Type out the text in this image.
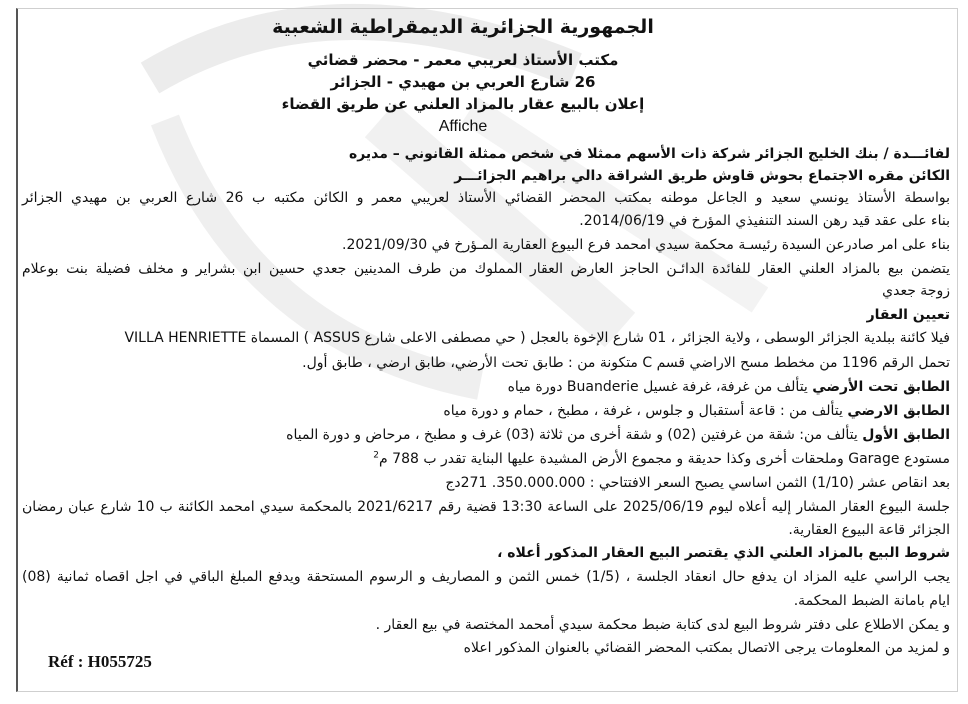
الجمهورية الجزائرية الديمقراطية الشعبية
مكتب الأستاذ لعريبي معمر - محضر قضائي
26 شارع العربي بن مهيدي - الجزائر
إعلان بالبيع عقار بالمزاد العلني عن طريق القضاء
Affiche
لفائـــدة / بنك الخليج الجزائر شركة ذات الأسهم ممثلا في شخص ممثلة القانوني – مديره
الكائن مقره الاجتماع بحوش قاوش طريق الشراقة دالي براهيم الجزائـــر
بواسطة الأستاذ يونسي سعيد و الجاعل موطنه بمكتب المحضر القضائي الأستاذ لعريبي معمر و الكائن مكتبه ب 26 شارع العربي بن مهيدي الجزائر
بناء على عقد قيد رهن السند التنفيذي المؤرخ في 2014/06/19.
بناء على امر صادرعن السيدة رئيسـة محكمة سيدي امحمد فرع البيوع العقارية المـؤرخ في 2021/09/30.
يتضمن بيع بالمزاد العلني العقار للفائدة الدائـن الحاجز العارض العقار المملوك من طرف المدينين جعدي حسين ابن بشراير و مخلف فضيلة بنت بوعلام
زوجة جعدي
تعيين العقار
فيلا كائنة ببلدية الجزائر الوسطى ، ولاية الجزائر ، 01 شارع الإخوة بالعجل ( حي مصطفى الاعلى شارع ASSUS ) المسماة VILLA HENRIETTE
تحمل الرقم 1196 من مخطط مسح الاراضي قسم C متكونة من : طابق تحت الأرضي، طابق ارضي ، طابق أول.
الطابق تحت الأرضي يتألف من غرفة، غرفة غسيل Buanderie دورة مياه
الطابق الارضي يتألف من : قاعة أستقبال و جلوس ، غرفة ، مطبخ ، حمام و دورة مياه
الطابق الأول يتألف من: شقة من غرفتين (02) و شقة أخرى من ثلاثة (03) غرف و مطبخ ، مرحاض و دورة المياه
مستودع Garage وملحقات أخرى وكذا حديقة و مجموع الأرض المشيدة عليها البناية تقدر ب 788 م$^2$
بعد انقاص عشر (1/10) الثمن اساسي يصبح السعر الافتتاحي : 350.000.000. 271دج
جلسة البيوع العقار المشار إليه أعلاه ليوم 2025/06/19 على الساعة 13:30 قضية رقم 2021/6217 بالمحكمة سيدي امحمد الكائنة ب 10 شارع عبان رمضان
الجزائر قاعة البيوع العقارية.
شروط البيع بالمزاد العلني الذي يقتصر البيع العقار المذكور أعلاه ،
يجب الراسي عليه المزاد ان يدفع حال انعقاد الجلسة ، (1/5) خمس الثمن و المصاريف و الرسوم المستحقة ويدفع المبلغ الباقي في اجل اقصاه ثمانية (08)
ايام بامانة الضبط المحكمة.
و يمكن الاطلاع على دفتر شروط البيع لدى كتابة ضبط محكمة سيدي أمحمد المختصة في بيع العقار .
و لمزيد من المعلومات يرجى الاتصال بمكتب المحضر القضائي بالعنوان المذكور اعلاه
Réf : H055725
